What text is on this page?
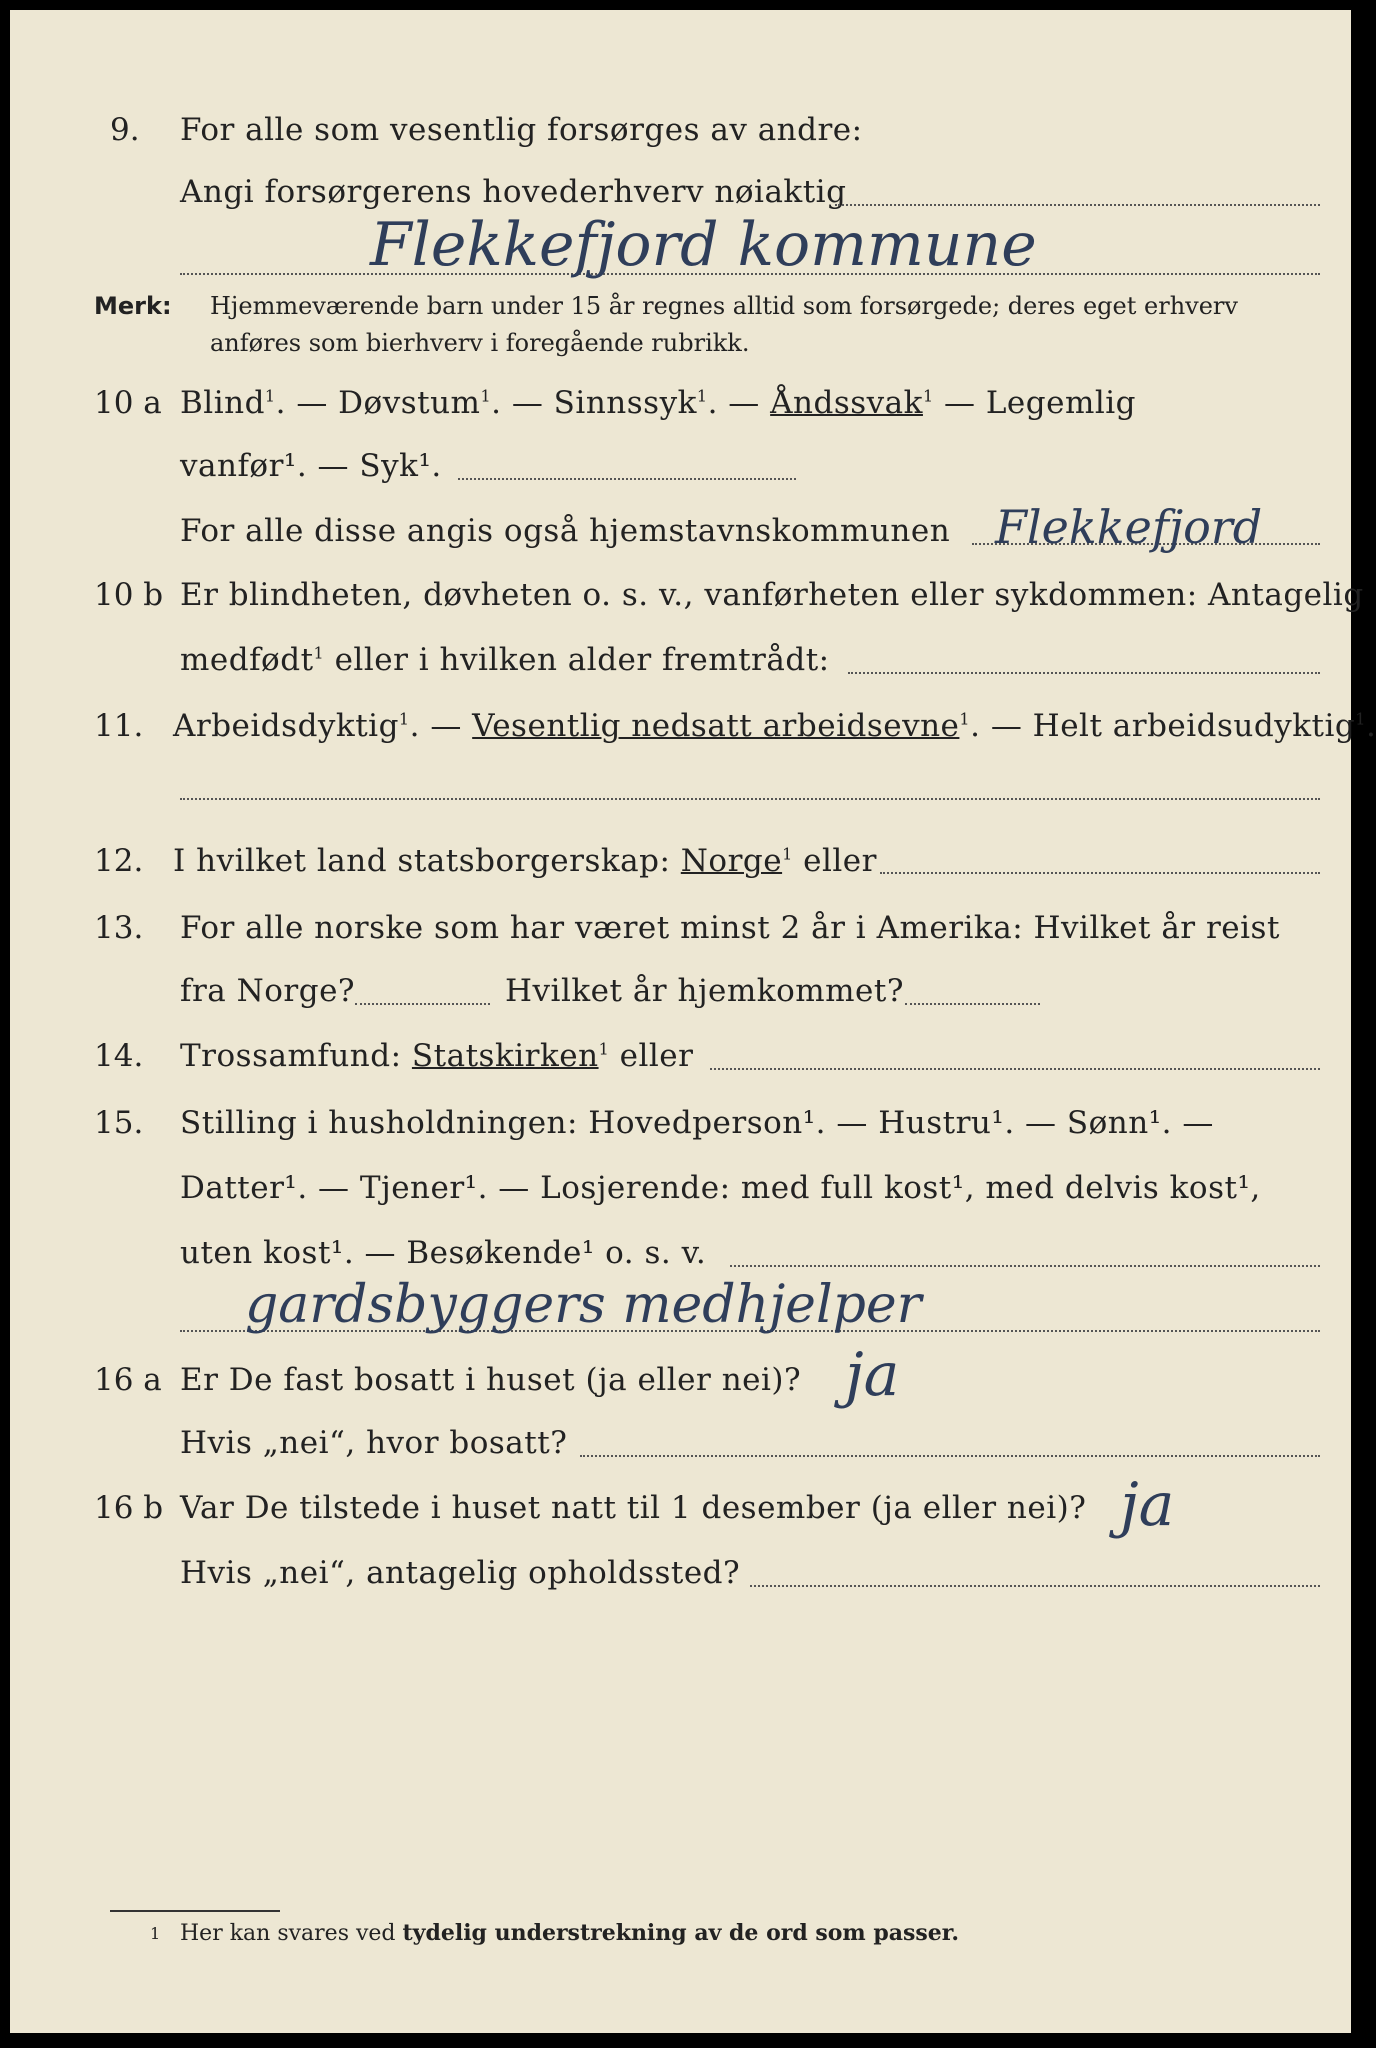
9. For alle som vesentlig forsørges av andre:
Angi forsørgerens hovederhverv nøiaktig
Flekkefjord kommune
Merk: Hjemmeværende barn under 15 år regnes alltid som forsørgede; deres eget erhverv
anføres som bierhverv i foregående rubrikk.
10 a Blind$^1$. — Døvstum$^1$. — Sinnssyk$^1$. — Åndssvak$^1$ — Legemlig
vanfør¹. — Syk¹.
For alle disse angis også hjemstavnskommunen Flekkefjord
10 b Er blindheten, døvheten o. s. v., vanførheten eller sykdommen: Antagelig
medfødt$^1$ eller i hvilken alder fremtrådt:
11. Arbeidsdyktig$^1$. — Vesentlig nedsatt arbeidsevne$^1$. — Helt arbeidsudyktig$^1$.
12. I hvilket land statsborgerskap: Norge$^1$ eller
13. For alle norske som har været minst 2 år i Amerika: Hvilket år reist
fra Norge?	Hvilket år hjemkommet?
14. Trossamfund: Statskirken$^1$ eller
15. Stilling i husholdningen: Hovedperson¹. — Hustru¹. — Sønn¹. —
Datter¹. — Tjener¹. — Losjerende: med full kost¹, med delvis kost¹,
uten kost¹. — Besøkende¹ o. s. v.
gardsbyggers medhjelper
16 a Er De fast bosatt i huset (ja eller nei)? ja
Hvis „nei“, hvor bosatt?
16 b Var De tilstede i huset natt til 1 desember (ja eller nei)? ja
Hvis „nei“, antagelig opholdssted?
1 Her kan svares ved tydelig understrekning av de ord som passer.
